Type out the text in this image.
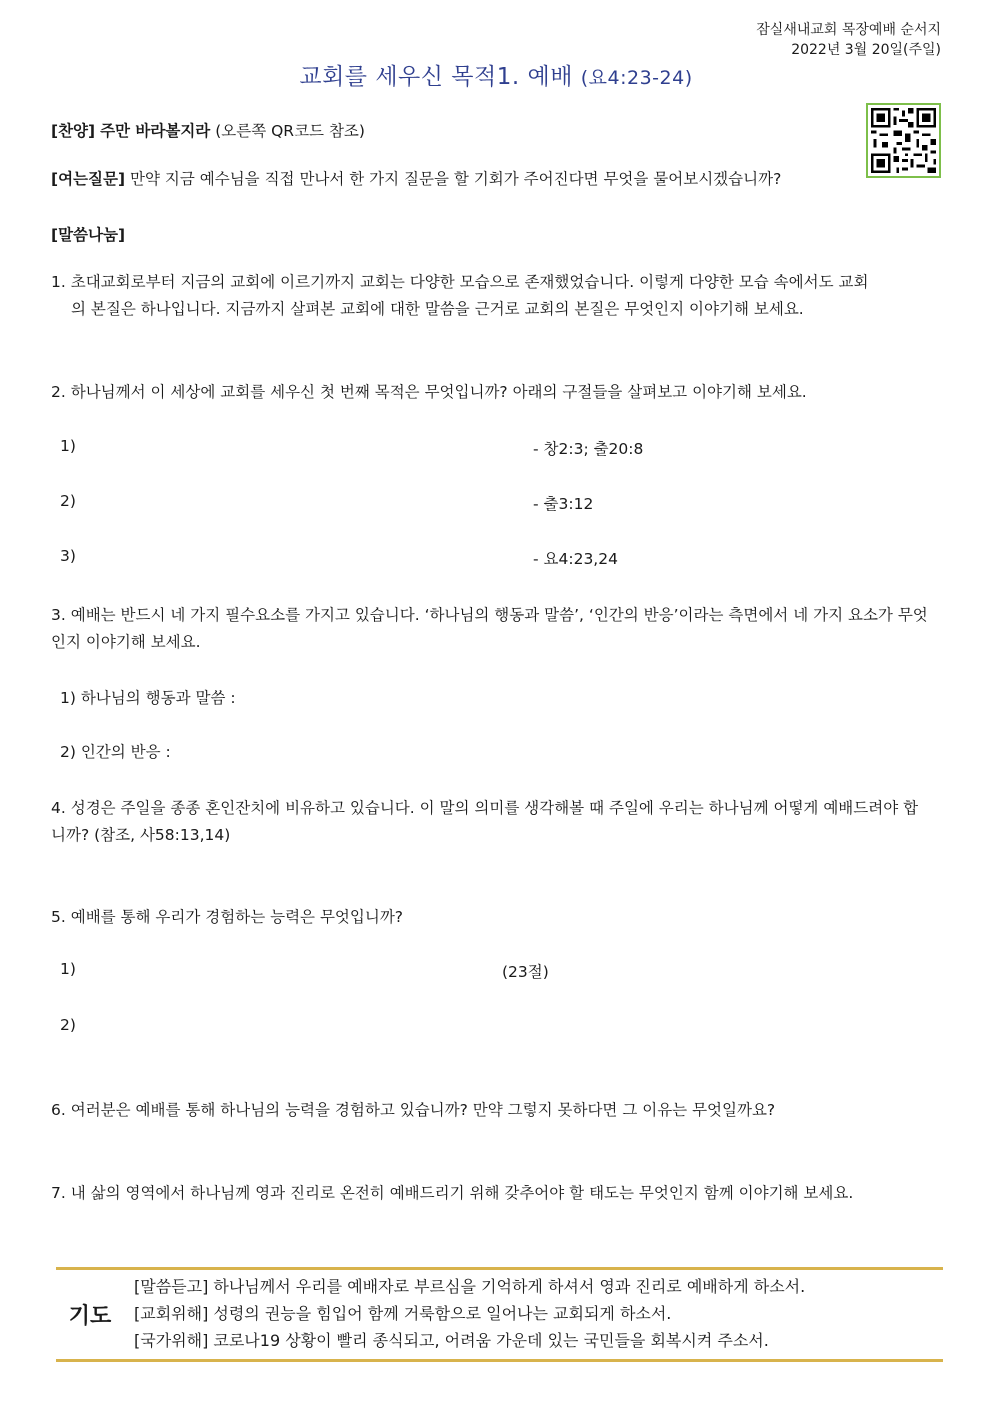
잠실새내교회 목장예배 순서지
2022년 3월 20일(주일)
교회를 세우신 목적1. 예배 (요4:23-24)
[찬양] 주만 바라볼지라 (오른쪽 QR코드 참조)
[여는질문] 만약 지금 예수님을 직접 만나서 한 가지 질문을 할 기회가 주어진다면 무엇을 물어보시겠습니까?
[말씀나눔]
1. 초대교회로부터 지금의 교회에 이르기까지 교회는 다양한 모습으로 존재했었습니다. 이렇게 다양한 모습 속에서도 교회
의 본질은 하나입니다. 지금까지 살펴본 교회에 대한 말씀을 근거로 교회의 본질은 무엇인지 이야기해 보세요.
2. 하나님께서 이 세상에 교회를 세우신 첫 번째 목적은 무엇입니까? 아래의 구절들을 살펴보고 이야기해 보세요.
1)	- 창2:3; 출20:8
2)	- 출3:12
3)	- 요4:23,24
3. 예배는 반드시 네 가지 필수요소를 가지고 있습니다. ‘하나님의 행동과 말씀’, ‘인간의 반응’이라는 측면에서 네 가지 요소가 무엇
인지 이야기해 보세요.
1) 하나님의 행동과 말씀 :
2) 인간의 반응 :
4. 성경은 주일을 종종 혼인잔치에 비유하고 있습니다. 이 말의 의미를 생각해볼 때 주일에 우리는 하나님께 어떻게 예배드려야 합
니까? (참조, 사58:13,14)
5. 예배를 통해 우리가 경험하는 능력은 무엇입니까?
1)	(23절)
2)
6. 여러분은 예배를 통해 하나님의 능력을 경험하고 있습니까? 만약 그렇지 못하다면 그 이유는 무엇일까요?
7. 내 삶의 영역에서 하나님께 영과 진리로 온전히 예배드리기 위해 갖추어야 할 태도는 무엇인지 함께 이야기해 보세요.
기도
[말씀듣고] 하나님께서 우리를 예배자로 부르심을 기억하게 하셔서 영과 진리로 예배하게 하소서.
[교회위해] 성령의 권능을 힘입어 함께 거룩함으로 일어나는 교회되게 하소서.
[국가위해] 코로나19 상황이 빨리 종식되고, 어려움 가운데 있는 국민들을 회복시켜 주소서.
